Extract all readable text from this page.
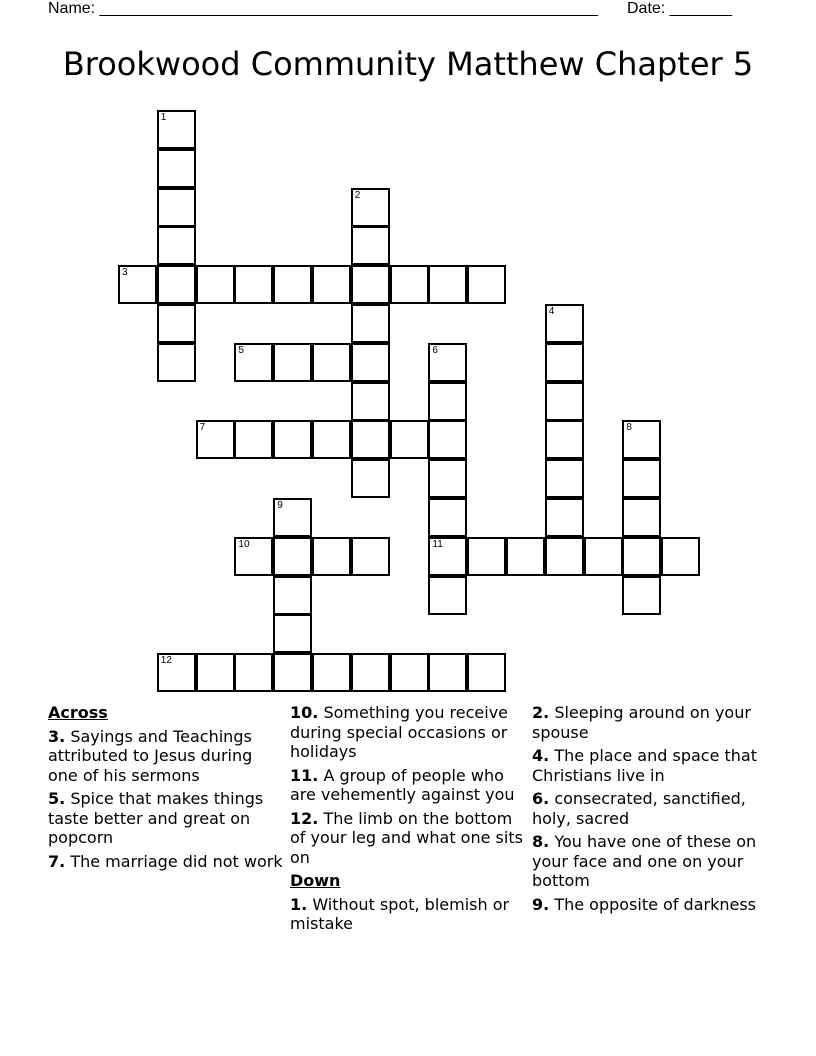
Name: ________________________________________________________ Date: _______
Brookwood Community Matthew Chapter 5
1
2
3
4
5	6
11
7	8
9
10
12
Across
3. Sayings and Teachings attributed to Jesus during one of his sermons
5. Spice that makes things taste better and great on popcorn
7. The marriage did not work
10. Something you receive during special occasions or holidays
11. A group of people who are vehemently against you
12. The limb on the bottom of your leg and what one sits on
Down
1. Without spot, blemish or mistake
2. Sleeping around on your spouse
4. The place and space that Christians live in
6. consecrated, sanctified, holy, sacred
8. You have one of these on your face and one on your bottom
9. The opposite of darkness
